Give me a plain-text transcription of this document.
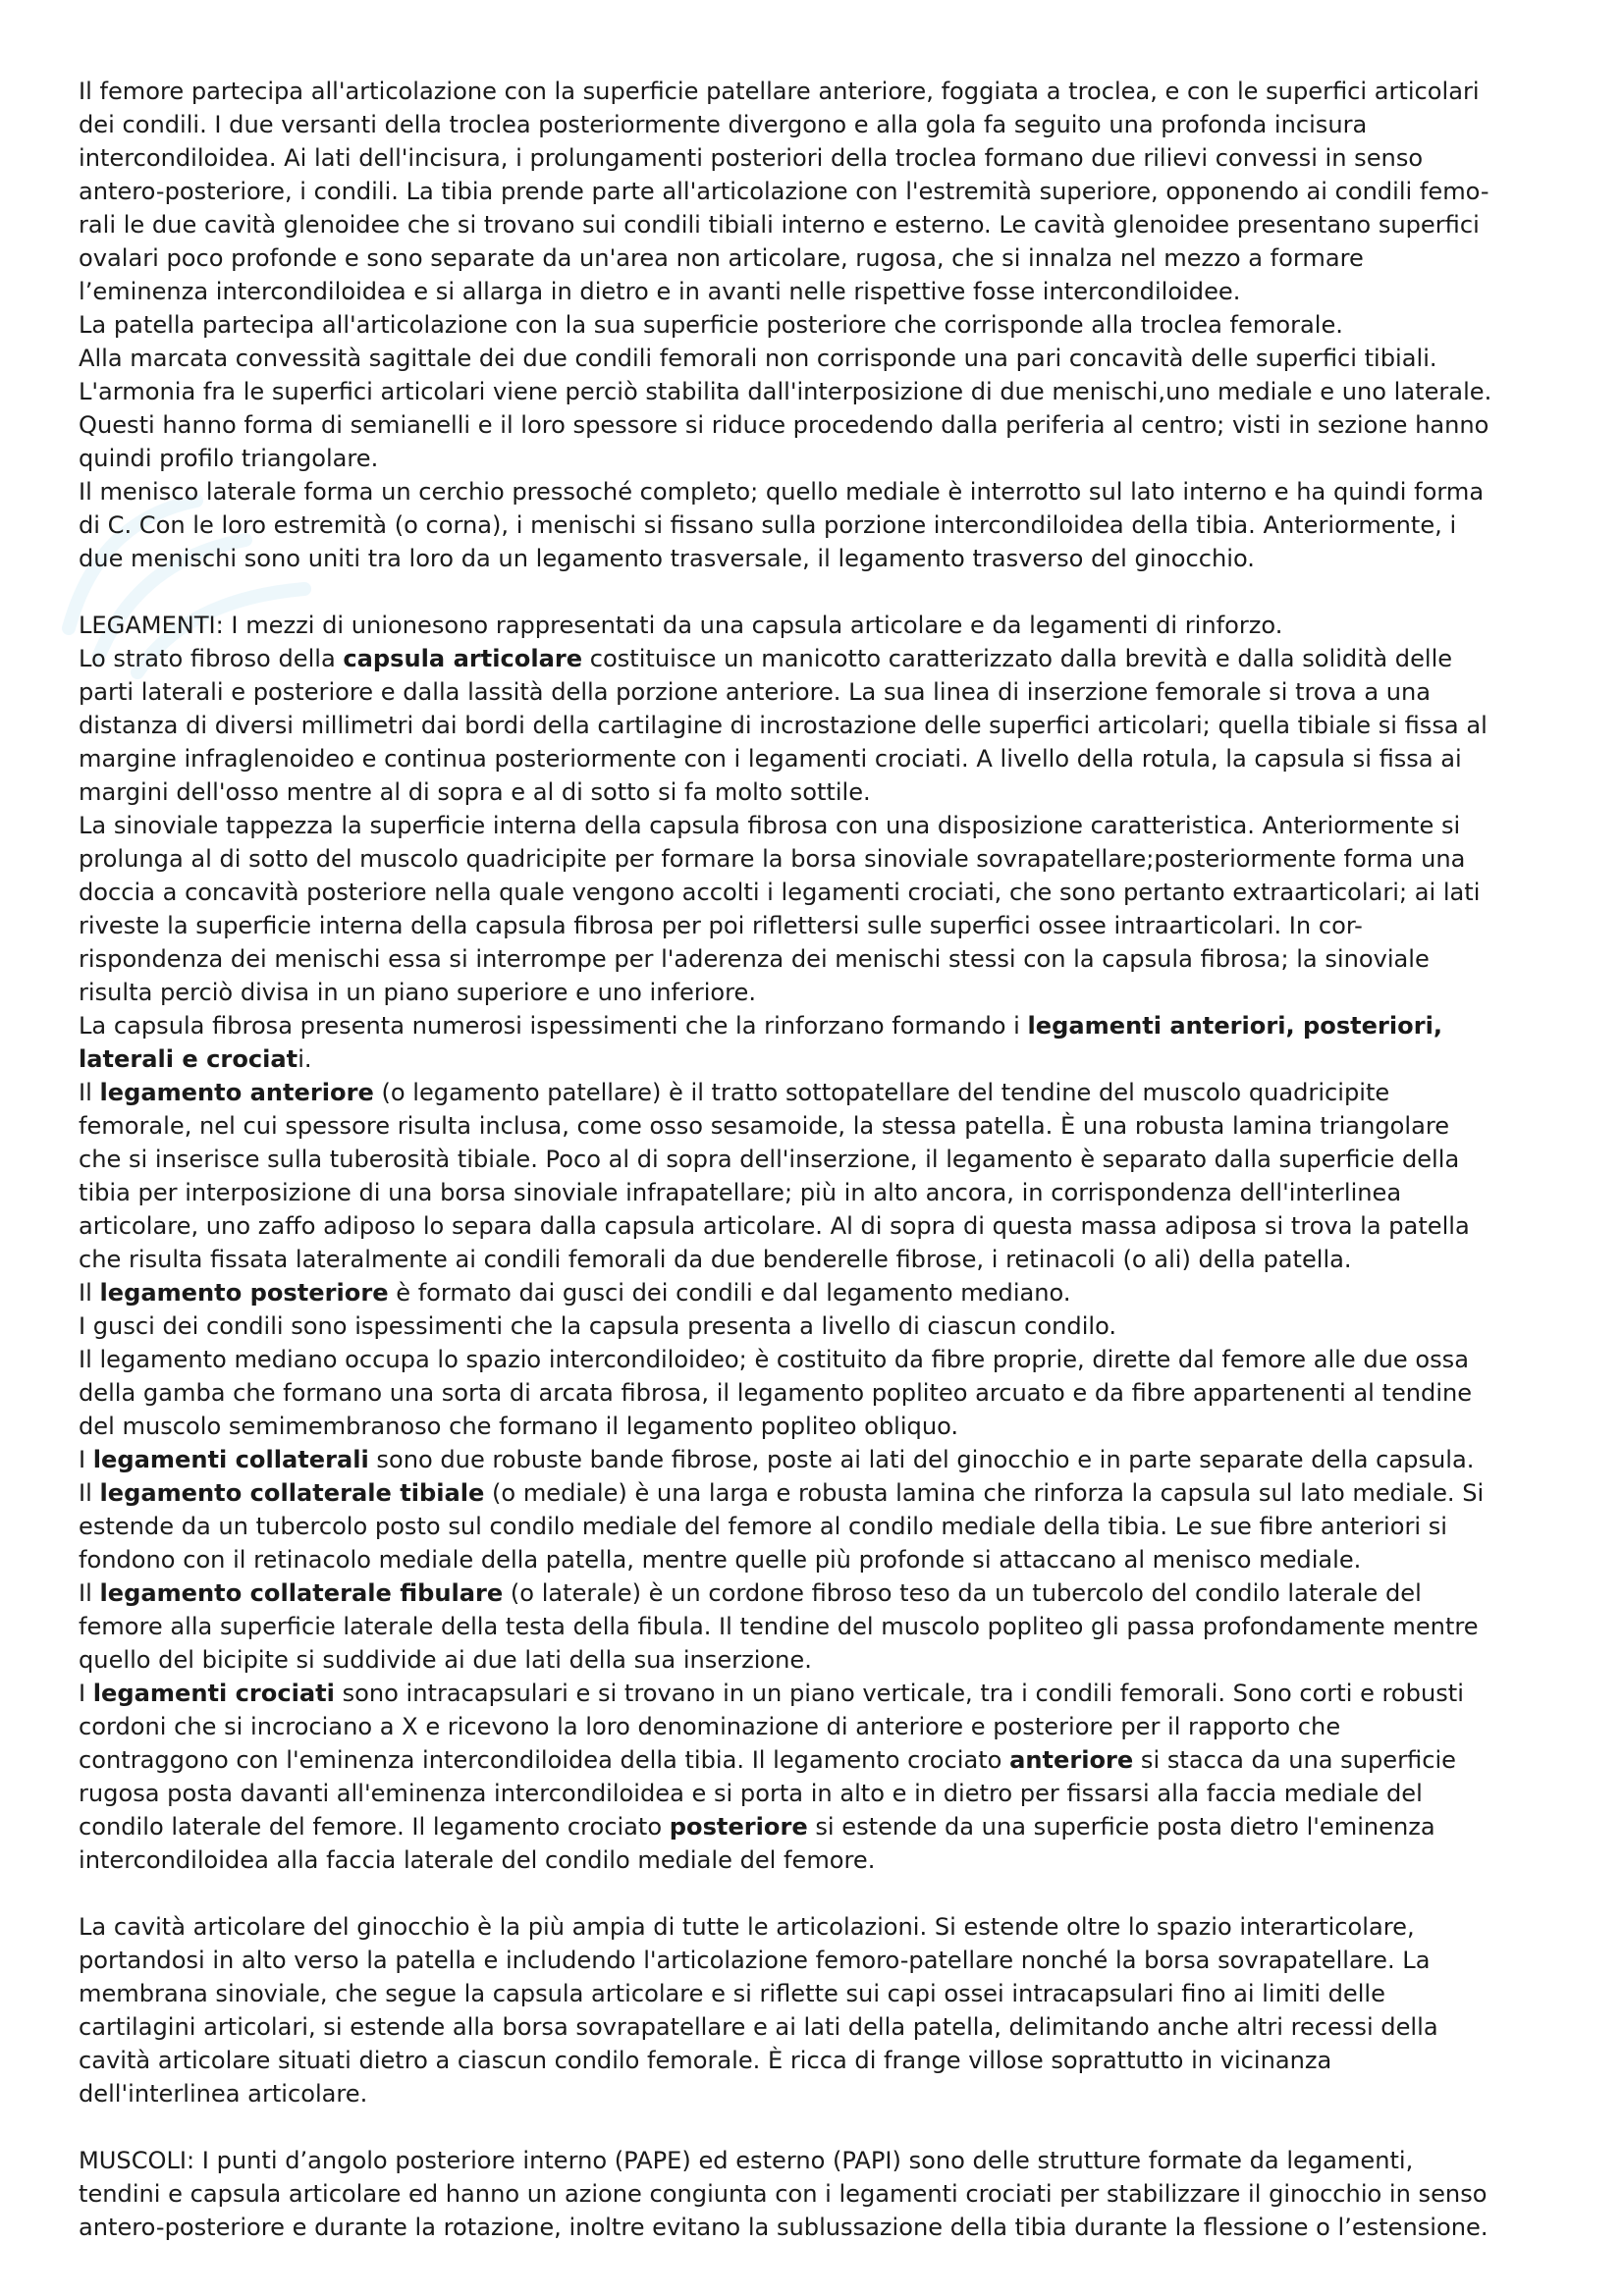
Il femore partecipa all'articolazione con la superficie patellare anteriore, foggiata a troclea, e con le superfici articolari
dei condili. I due versanti della troclea posteriormente divergono e alla gola fa seguito una profonda incisura
intercondiloidea. Ai lati dell'incisura, i prolungamenti posteriori della troclea formano due rilievi convessi in senso
antero-posteriore, i condili. La tibia prende parte all'articolazione con l'estremità superiore, opponendo ai condili femo-
rali le due cavità glenoidee che si trovano sui condili tibiali interno e esterno. Le cavità glenoidee presentano superfici
ovalari poco profonde e sono separate da un'area non articolare, rugosa, che si innalza nel mezzo a formare
l’eminenza intercondiloidea e si allarga in dietro e in avanti nelle rispettive fosse intercondiloidee.
La patella partecipa all'articolazione con la sua superficie posteriore che corrisponde alla troclea femorale.
Alla marcata convessità sagittale dei due condili femorali non corrisponde una pari concavità delle superfici tibiali.
L'armonia fra le superfici articolari viene perciò stabilita dall'interposizione di due menischi,uno mediale e uno laterale.
Questi hanno forma di semianelli e il loro spessore si riduce procedendo dalla periferia al centro; visti in sezione hanno
quindi profilo triangolare.
Il menisco laterale forma un cerchio pressoché completo; quello mediale è interrotto sul lato interno e ha quindi forma
di C. Con le loro estremità (o corna), i menischi si fissano sulla porzione intercondiloidea della tibia. Anteriormente, i
due menischi sono uniti tra loro da un legamento trasversale, il legamento trasverso del ginocchio.
LEGAMENTI: I mezzi di unionesono rappresentati da una capsula articolare e da legamenti di rinforzo.
Lo strato fibroso della capsula articolare costituisce un manicotto caratterizzato dalla brevità e dalla solidità delle
parti laterali e posteriore e dalla lassità della porzione anteriore. La sua linea di inserzione femorale si trova a una
distanza di diversi millimetri dai bordi della cartilagine di incrostazione delle superfici articolari; quella tibiale si fissa al
margine infraglenoideo e continua posteriormente con i legamenti crociati. A livello della rotula, la capsula si fissa ai
margini dell'osso mentre al di sopra e al di sotto si fa molto sottile.
La sinoviale tappezza la superficie interna della capsula fibrosa con una disposizione caratteristica. Anteriormente si
prolunga al di sotto del muscolo quadricipite per formare la borsa sinoviale sovrapatellare;posteriormente forma una
doccia a concavità posteriore nella quale vengono accolti i legamenti crociati, che sono pertanto extraarticolari; ai lati
riveste la superficie interna della capsula fibrosa per poi riflettersi sulle superfici ossee intraarticolari. In cor-
rispondenza dei menischi essa si interrompe per l'aderenza dei menischi stessi con la capsula fibrosa; la sinoviale
risulta perciò divisa in un piano superiore e uno inferiore.
La capsula fibrosa presenta numerosi ispessimenti che la rinforzano formando i legamenti anteriori, posteriori,
laterali e crociati.
Il legamento anteriore (o legamento patellare) è il tratto sottopatellare del tendine del muscolo quadricipite
femorale, nel cui spessore risulta inclusa, come osso sesamoide, la stessa patella. È una robusta lamina triangolare
che si inserisce sulla tuberosità tibiale. Poco al di sopra dell'inserzione, il legamento è separato dalla superficie della
tibia per interposizione di una borsa sinoviale infrapatellare; più in alto ancora, in corrispondenza dell'interlinea
articolare, uno zaffo adiposo lo separa dalla capsula articolare. Al di sopra di questa massa adiposa si trova la patella
che risulta fissata lateralmente ai condili femorali da due benderelle fibrose, i retinacoli (o ali) della patella.
Il legamento posteriore è formato dai gusci dei condili e dal legamento mediano.
I gusci dei condili sono ispessimenti che la capsula presenta a livello di ciascun condilo.
Il legamento mediano occupa lo spazio intercondiloideo; è costituito da fibre proprie, dirette dal femore alle due ossa
della gamba che formano una sorta di arcata fibrosa, il legamento popliteo arcuato e da fibre appartenenti al tendine
del muscolo semimembranoso che formano il legamento popliteo obliquo.
I legamenti collaterali sono due robuste bande fibrose, poste ai lati del ginocchio e in parte separate della capsula.
Il legamento collaterale tibiale (o mediale) è una larga e robusta lamina che rinforza la capsula sul lato mediale. Si
estende da un tubercolo posto sul condilo mediale del femore al condilo mediale della tibia. Le sue fibre anteriori si
fondono con il retinacolo mediale della patella, mentre quelle più profonde si attaccano al menisco mediale.
Il legamento collaterale fibulare (o laterale) è un cordone fibroso teso da un tubercolo del condilo laterale del
femore alla superficie laterale della testa della fibula. Il tendine del muscolo popliteo gli passa profondamente mentre
quello del bicipite si suddivide ai due lati della sua inserzione.
I legamenti crociati sono intracapsulari e si trovano in un piano verticale, tra i condili femorali. Sono corti e robusti
cordoni che si incrociano a X e ricevono la loro denominazione di anteriore e posteriore per il rapporto che
contraggono con l'eminenza intercondiloidea della tibia. Il legamento crociato anteriore si stacca da una superficie
rugosa posta davanti all'eminenza intercondiloidea e si porta in alto e in dietro per fissarsi alla faccia mediale del
condilo laterale del femore. Il legamento crociato posteriore si estende da una superficie posta dietro l'eminenza
intercondiloidea alla faccia laterale del condilo mediale del femore.
La cavità articolare del ginocchio è la più ampia di tutte le articolazioni. Si estende oltre lo spazio interarticolare,
portandosi in alto verso la patella e includendo l'articolazione femoro-patellare nonché la borsa sovrapatellare. La
membrana sinoviale, che segue la capsula articolare e si riflette sui capi ossei intracapsulari fino ai limiti delle
cartilagini articolari, si estende alla borsa sovrapatellare e ai lati della patella, delimitando anche altri recessi della
cavità articolare situati dietro a ciascun condilo femorale. È ricca di frange villose soprattutto in vicinanza
dell'interlinea articolare.
MUSCOLI: I punti d’angolo posteriore interno (PAPE) ed esterno (PAPI) sono delle strutture formate da legamenti,
tendini e capsula articolare ed hanno un azione congiunta con i legamenti crociati per stabilizzare il ginocchio in senso
antero-posteriore e durante la rotazione, inoltre evitano la sublussazione della tibia durante la flessione o l’estensione.
